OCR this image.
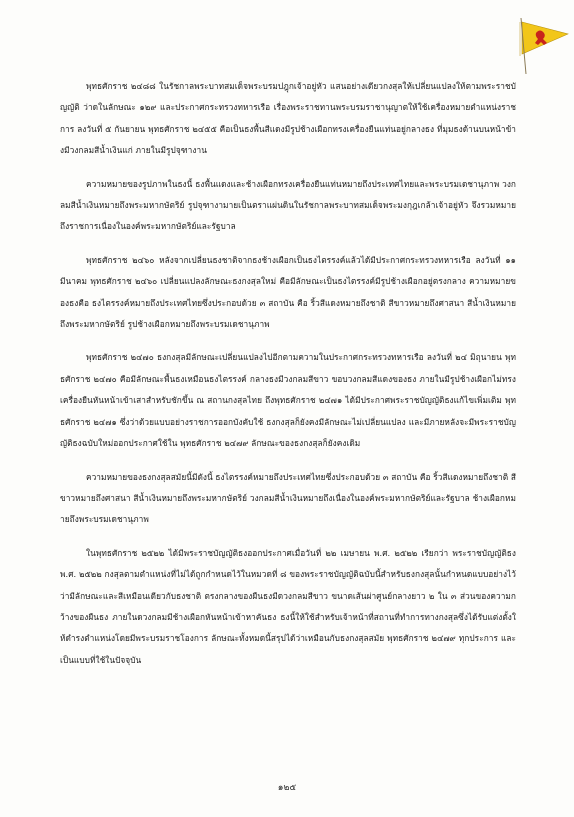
พุทธศักราช ๒๔๘๘ ในรัชกาลพระบาทสมเด็จพระบรมปฎุกเจ้าอยู่หัว แสนอย่างเดียวกงสุลให้เปลี่ยนแปลงให้ตามพระราชบัญญัติ ว่าดในลักษณะ ๑๒๙ และประกาศกระทรวงทหารเรือ เรื่องพระราชทานพระบรมราชานุญาตให้ใช้เครื่องหมายตำแหน่งราชการ ลงวันที่ ๕ กันยายน พุทธศักราช ๒๔๕๕ คือเป็นธงพื้นสีแดงมีรูปช้างเผือกทรงเครื่องยืนแท่นอยู่กลางธง ที่มุมธงด้านบนหน้าข้างมีวงกลมสีน้ำเงินแก่ ภายในมีรูปจุฑางาน

ความหมายของรูปภาพในธงนี้ ธงพื้นแดงและช้างเผือกทรงเครื่องยืนแท่นหมายถึงประเทศไทยและพระบรมเดชานุภาพ วงกลมสีน้ำเงินหมายถึงพระมหากษัตริย์ รูปจุฑางามายเป็นตราแผ่นดินในรัชกาลพระบาทสมเด็จพระมงกุฎเกล้าเจ้าอยู่หัว จึงรวมหมายถึงราชการเนื่องในองค์พระมหากษัตริย์และรัฐบาล

พุทธศักราช ๒๔๖๐ หลังจากเปลี่ยนธงชาติจากธงช้างเผือกเป็นธงไตรรงค์แล้วได้มีประกาศกระทรวงทหารเรือ ลงวันที่ ๑๑ มีนาคม พุทธศักราช ๒๔๖๐ เปลี่ยนแปลงลักษณะธงกงสุลใหม่ คือมีลักษณะเป็นธงไตรรงค์มีรูปช้างเผือกอยู่ตรงกลาง ความหมายของธงคือ ธงไตรรงค์หมายถึงประเทศไทยซึ่งประกอบด้วย ๓ สถาบัน คือ ริ้วสีแดงหมายถึงชาติ สีขาวหมายถึงศาสนา สีน้ำเงินหมายถึงพระมหากษัตริย์ รูปช้างเผือกหมายถึงพระบรมเดชานุภาพ

พุทธศักราช ๒๔๗๐ ธงกงสุลมีลักษณะเปลี่ยนแปลงไปอีกตามความในประกาศกระทรวงทหารเรือ ลงวันที่ ๒๔ มิถุนายน พุทธศักราช ๒๔๗๐ คือมีลักษณะพื้นธงเหมือนธงไตรรงค์ กลางธงมีวงกลมสีขาว ขอบวงกลมสีแดงของธง ภายในมีรูปช้างเผือกไม่ทรงเครื่องยืนหันหน้าเข้าเสาสำหรับชักขึ้น ณ สถานกงสุลไทย ถึงพุทธศักราช ๒๔๗๑ ได้มีประกาศพระราชบัญญัติธงแก้ไขเพิ่มเติม พุทธศักราช ๒๔๗๑ ซึ่งว่าด้วยแบบอย่างราชการออกบังคับใช้ ธงกงสุลก็ยังคงมีลักษณะไม่เปลี่ยนแปลง และมีภายหลังจะมีพระราชบัญญัติธงฉบับใหม่ออกประกาศใช้ใน พุทธศักราช ๒๔๗๙ ลักษณะของธงกงสุลก็ยังคงเดิม

ความหมายของธงกงสุลสมัยนี้มีดังนี้ ธงไตรรงค์หมายถึงประเทศไทยซึ่งประกอบด้วย ๓ สถาบัน คือ ริ้วสีแดงหมายถึงชาติ สีขาวหมายถึงศาสนา สีน้ำเงินหมายถึงพระมหากษัตริย์ วงกลมสีน้ำเงินหมายถึงเนื่องในองค์พระมหากษัตริย์และรัฐบาล ช้างเผือกหมายถึงพระบรมเดชานุภาพ

ในพุทธศักราช ๒๕๒๒ ได้มีพระราชบัญญัติธงออกประกาศเมื่อวันที่ ๒๒ เมษายน พ.ศ. ๒๕๒๒ เรียกว่า พระราชบัญญัติธง พ.ศ. ๒๕๒๒ กงสุลตามตำแหน่งที่ไม่ได้ถูกกำหนดไว้ในหมวดที่ ๘ ของพระราชบัญญัติฉบับนี้สำหรับธงกงสุลนั้นกำหนดแบบอย่างไว้ว่ามีลักษณะและสีเหมือนเดียวกับธงชาติ ตรงกลางของผืนธงมีดวงกลมสีขาว ขนาดเส้นผ่าศูนย์กลางยาว ๒ ใน ๓ ส่วนของความกว้างของผืนธง ภายในดวงกลมมีช้างเผือกหันหน้าเข้าหาคันธง ธงนี้ให้ใช้สำหรับเจ้าหน้าที่สถานที่ทำการทางกงสุลซึ่งได้รับแต่งตั้งให้ดำรงตำแหน่งโดยมีพระบรมราชโองการ ลักษณะทั้งหมดนี้สรุปได้ว่าเหมือนกับธงกงสุลสมัย พุทธศักราช ๒๔๗๙ ทุกประการ และเป็นแบบที่ใช้ในปัจจุบัน

๑๒๕
